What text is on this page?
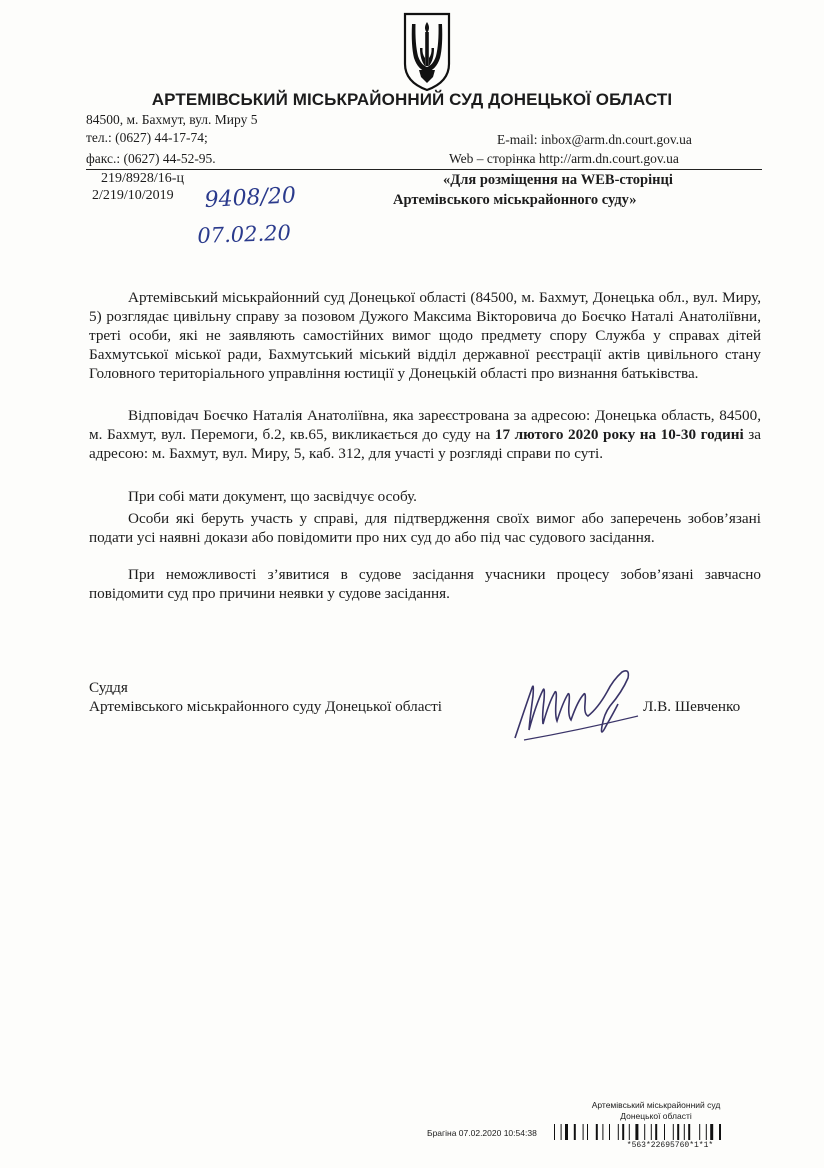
АРТЕМІВСЬКИЙ МІСЬКРАЙОННИЙ СУД ДОНЕЦЬКОЇ ОБЛАСТІ
84500, м. Бахмут, вул. Миру 5
тел.: (0627) 44-17-74;	E-mail: inbox@arm.dn.court.gov.ua
факс.: (0627) 44-52-95.	Web – сторінка http://arm.dn.court.gov.ua
219/8928/16-ц
2/219/10/2019 9408/20
07.02.20
«Для розміщення на WEB-сторінці
Артемівського міськрайонного суду»
Артемівський міськрайонний суд Донецької області (84500, м. Бахмут, Донецька обл., вул. Миру, 5) розглядає цивільну справу за позовом Дужого Максима Вікторовича до Боєчко Наталі Анатоліївни, треті особи, які не заявляють самостійних вимог щодо предмету спору Служба у справах дітей Бахмутської міської ради, Бахмутський міський відділ державної реєстрації актів цивільного стану Головного територіального управління юстиції у Донецькій області про визнання батьківства.
Відповідач Боєчко Наталія Анатоліївна, яка зареєстрована за адресою: Донецька область, 84500, м. Бахмут, вул. Перемоги, б.2, кв.65, викликається до суду на 17 лютого 2020 року на 10-30 годині за адресою: м. Бахмут, вул. Миру, 5, каб. 312, для участі у розгляді справи по суті.
При собі мати документ, що засвідчує особу.
Особи які беруть участь у справі, для підтвердження своїх вимог або заперечень зобов’язані подати усі наявні докази або повідомити про них суд до або під час судового засідання.
При неможливості з’явитися в судове засідання учасники процесу зобов’язані завчасно повідомити суд про причини неявки у судове засідання.
Суддя
Артемівського міськрайонного суду Донецької області	Л.В. Шевченко
Артемівський міськрайонний суд
Донецької області
Брагіна 07.02.2020 10:54:38
*563*22695760*1*1*
